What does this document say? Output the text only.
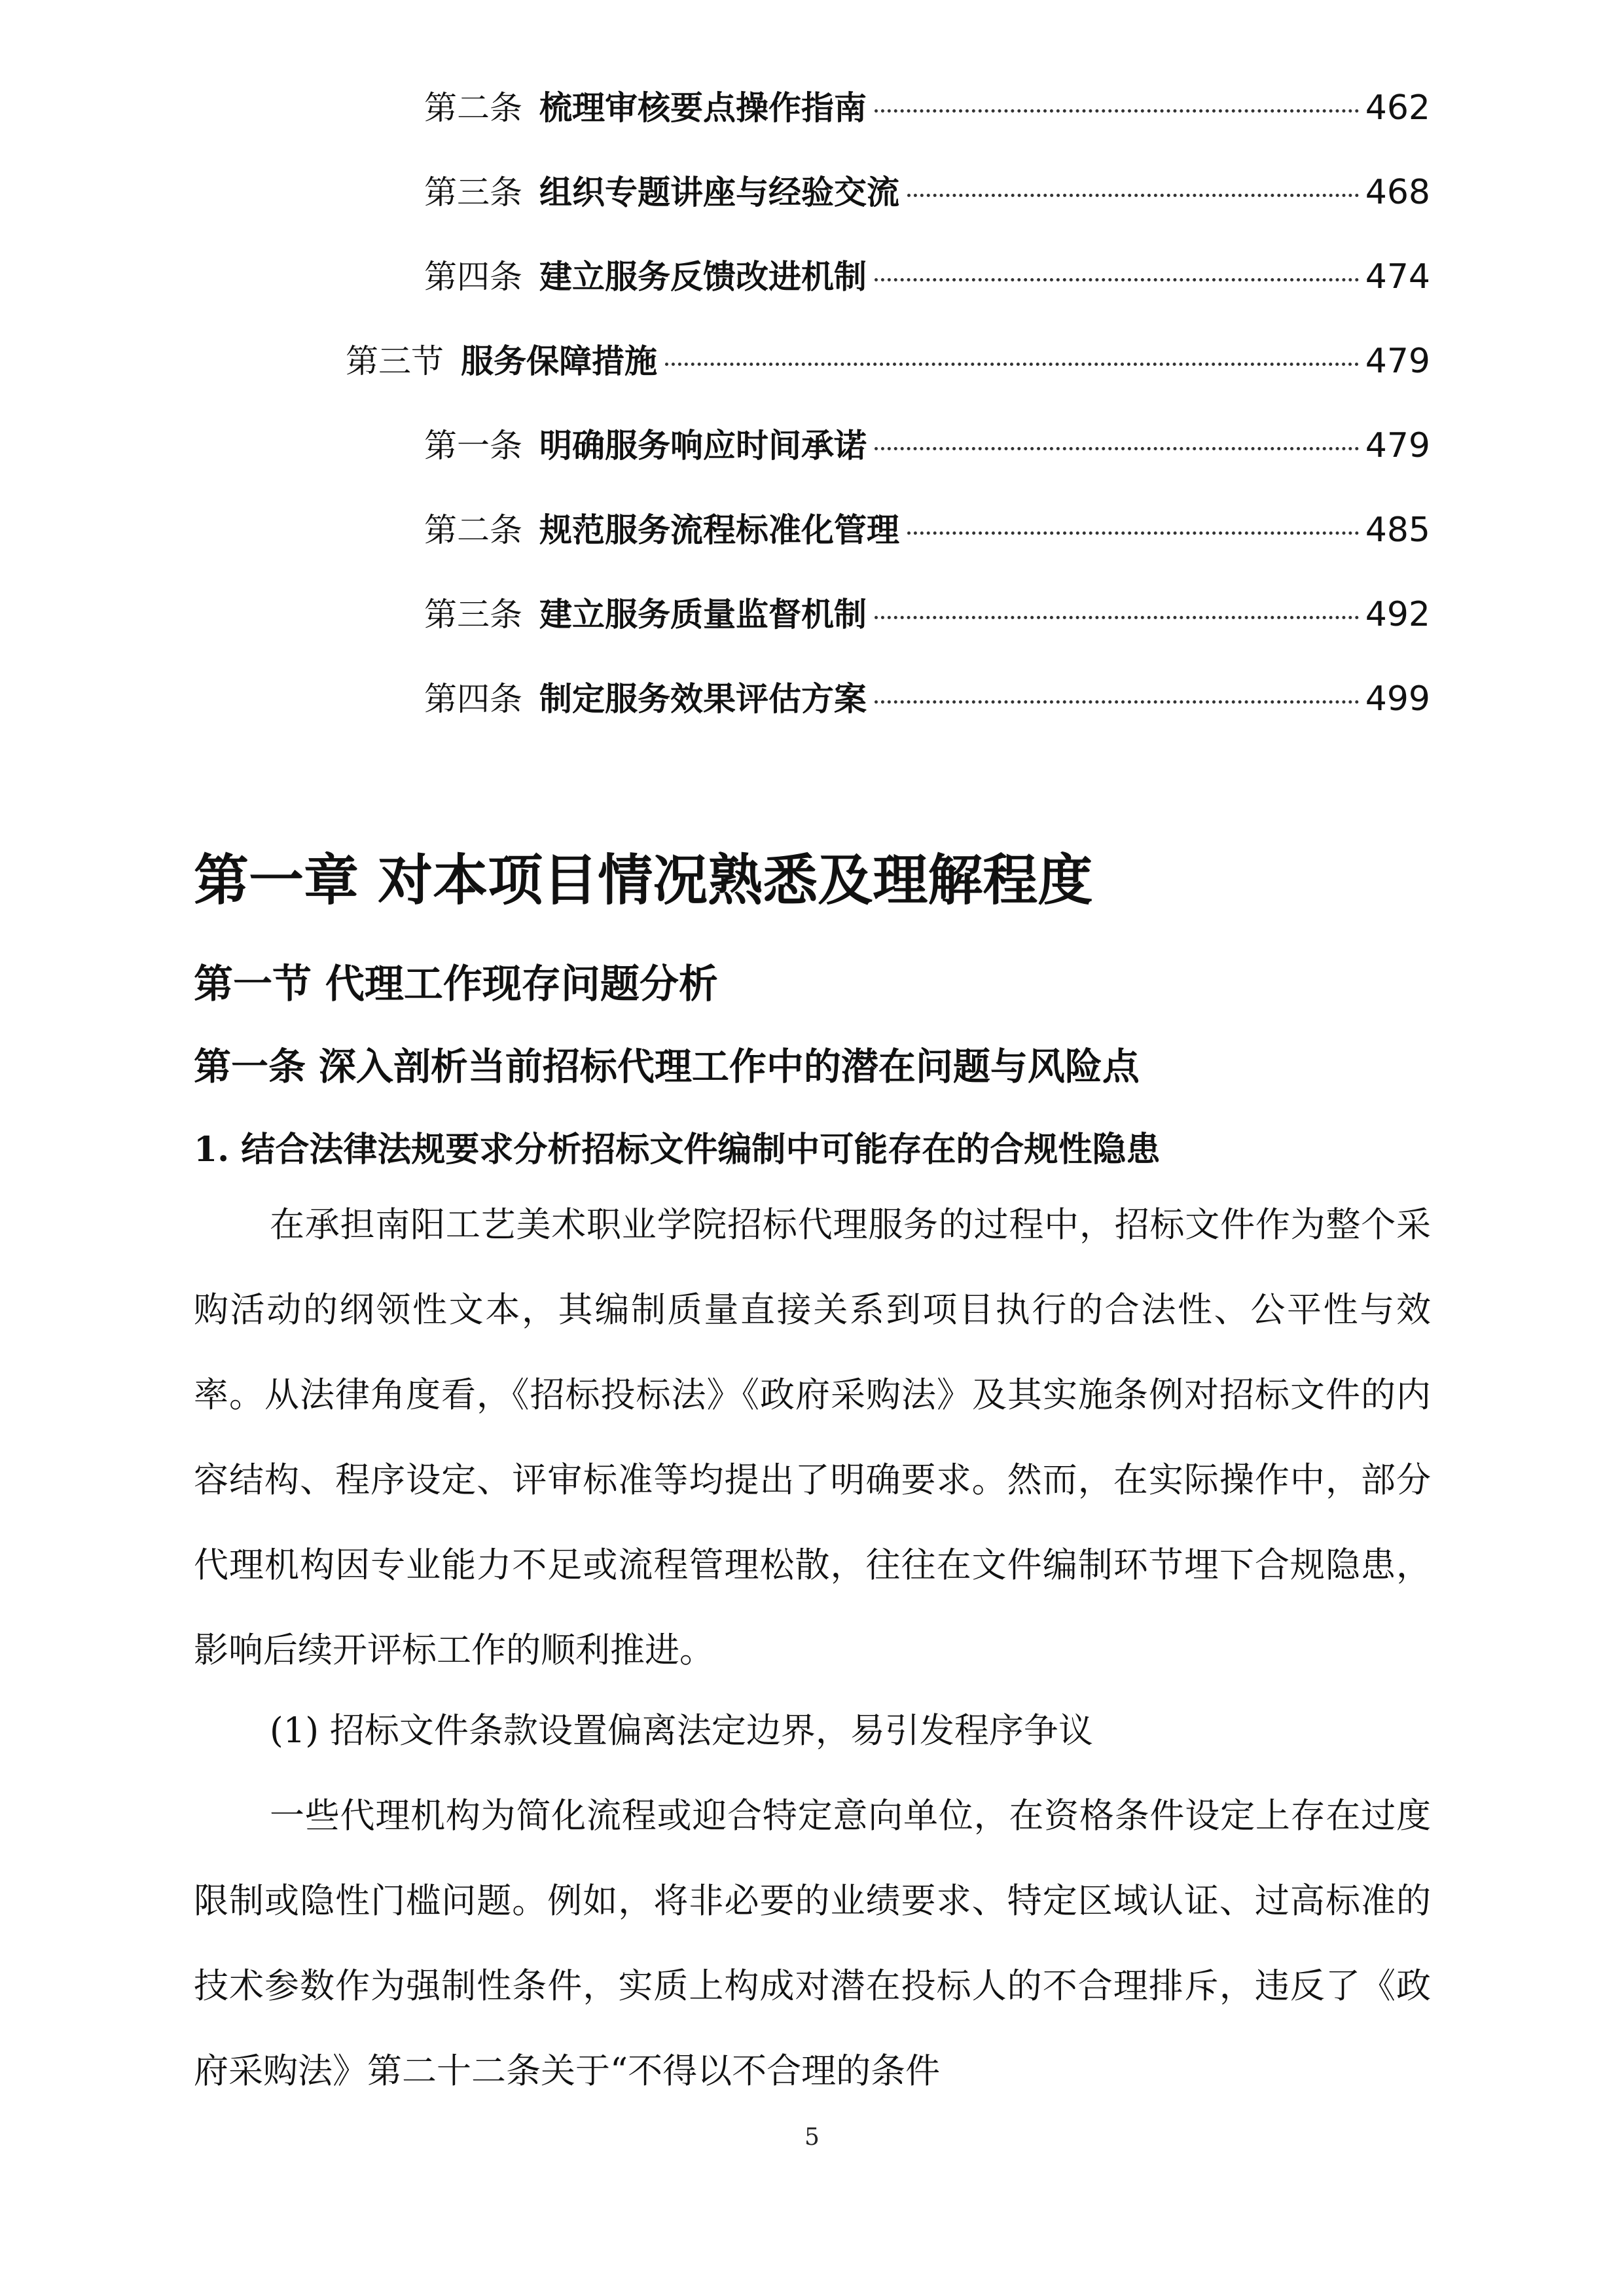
第二条 梳理审核要点操作指南	462
第三条 组织专题讲座与经验交流	468
第四条 建立服务反馈改进机制	474
第三节 服务保障措施	479
第一条 明确服务响应时间承诺	479
第二条 规范服务流程标准化管理	485
第三条 建立服务质量监督机制	492
第四条 制定服务效果评估方案	499
第一章 对本项目情况熟悉及理解程度
第一节 代理工作现存问题分析
第一条 深入剖析当前招标代理工作中的潜在问题与风险点
1. 结合法律法规要求分析招标文件编制中可能存在的合规性隐患

在承担南阳工艺美术职业学院招标代理服务的过程中，招标文件作为整个采购活动的纲领性文本，其编制质量直接关系到项目执行的合法性、公平性与效率。从法律角度看，《招标投标法》《政府采购法》及其实施条例对招标文件的内容结构、程序设定、评审标准等均提出了明确要求。然而，在实际操作中，部分代理机构因专业能力不足或流程管理松散，往往在文件编制环节埋下合规隐患，影响后续开评标工作的顺利推进。

(1) 招标文件条款设置偏离法定边界，易引发程序争议

一些代理机构为简化流程或迎合特定意向单位，在资格条件设定上存在过度限制或隐性门槛问题。例如，将非必要的业绩要求、特定区域认证、过高标准的技术参数作为强制性条件，实质上构成对潜在投标人的不合理排斥，违反了《政府采购法》第二十二条关于“不得以不合理的条件

5
